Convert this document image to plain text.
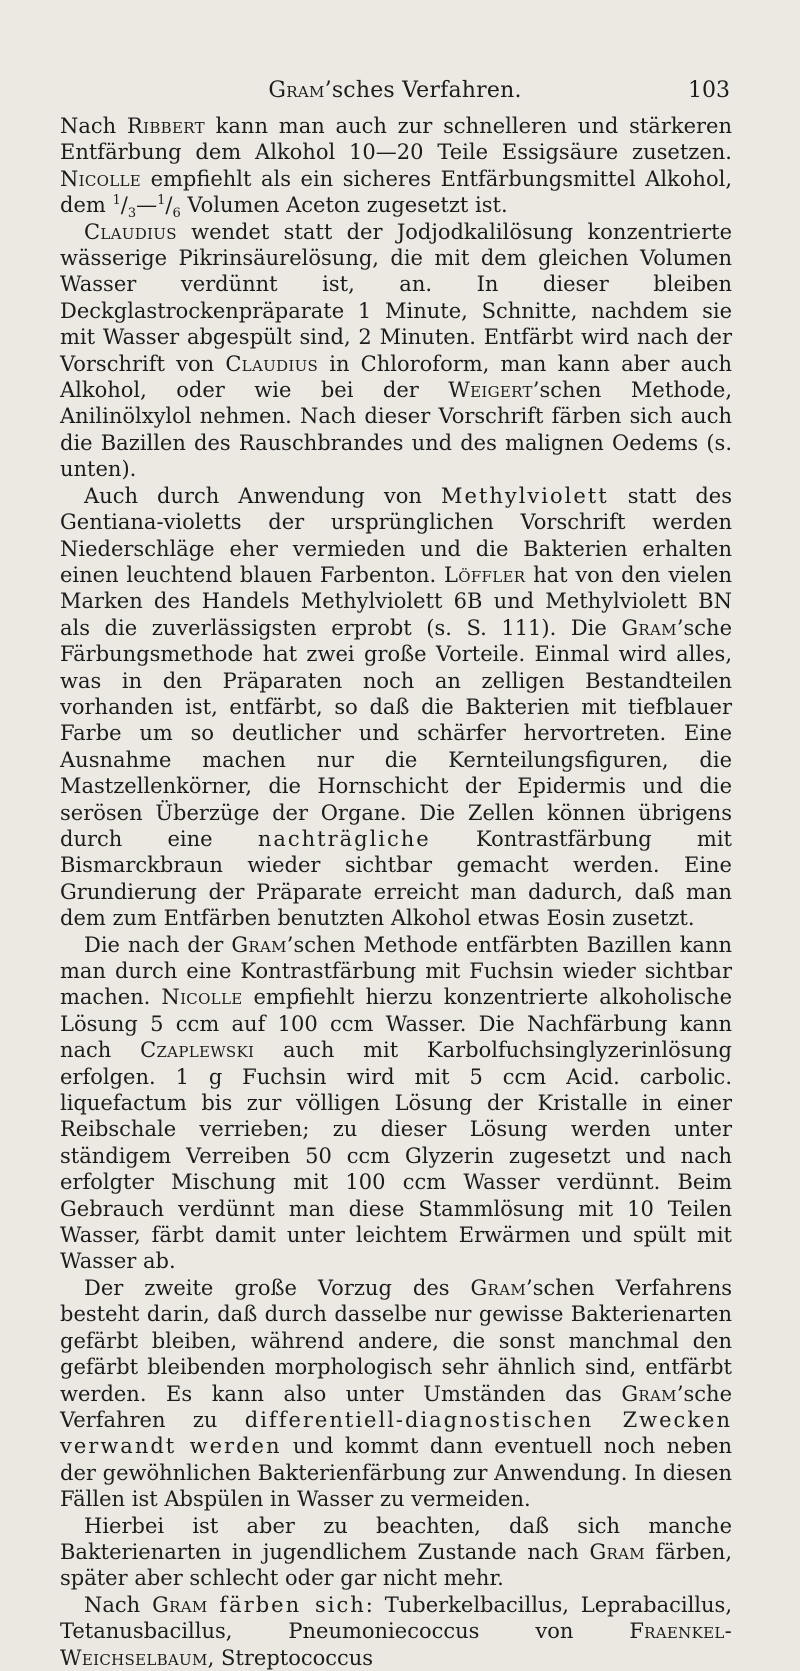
Gram’sches Verfahren.	103

Nach Ribbert kann man auch zur schnelleren und stärkeren Entfärbung dem Alkohol 10—20 Teile Essigsäure zusetzen. Nicolle empfiehlt als ein sicheres Entfärbungsmittel Alkohol, dem $^1/_3—^1/_6$ Volumen Aceton zugesetzt ist.

Claudius wendet statt der Jodjodkalilösung konzentrierte wässerige Pikrinsäurelösung, die mit dem gleichen Volumen Wasser verdünnt ist, an. In dieser bleiben Deckglastrockenpräparate 1 Minute, Schnitte, nachdem sie mit Wasser abgespült sind, 2 Minuten. Entfärbt wird nach der Vorschrift von Claudius in Chloroform, man kann aber auch Alkohol, oder wie bei der Weigert’schen Methode, Anilinölxylol nehmen. Nach dieser Vorschrift färben sich auch die Bazillen des Rauschbrandes und des malignen Oedems (s. unten).

Auch durch Anwendung von Methylviolett statt des Gentiana-violetts der ursprünglichen Vorschrift werden Niederschläge eher vermieden und die Bakterien erhalten einen leuchtend blauen Farbenton. Löffler hat von den vielen Marken des Handels Methylviolett 6B und Methylviolett BN als die zuverlässigsten erprobt (s. S. 111). Die Gram’sche Färbungsmethode hat zwei große Vorteile. Einmal wird alles, was in den Präparaten noch an zelligen Bestandteilen vorhanden ist, entfärbt, so daß die Bakterien mit tiefblauer Farbe um so deutlicher und schärfer hervortreten. Eine Ausnahme machen nur die Kernteilungsfiguren, die Mastzellenkörner, die Hornschicht der Epidermis und die serösen Überzüge der Organe. Die Zellen können übrigens durch eine nachträgliche Kontrastfärbung mit Bismarckbraun wieder sichtbar gemacht werden. Eine Grundierung der Präparate erreicht man dadurch, daß man dem zum Entfärben benutzten Alkohol etwas Eosin zusetzt.

Die nach der Gram’schen Methode entfärbten Bazillen kann man durch eine Kontrastfärbung mit Fuchsin wieder sichtbar machen. Nicolle empfiehlt hierzu konzentrierte alkoholische Lösung 5 ccm auf 100 ccm Wasser. Die Nachfärbung kann nach Czaplewski auch mit Karbolfuchsinglyzerinlösung erfolgen. 1 g Fuchsin wird mit 5 ccm Acid. carbolic. liquefactum bis zur völligen Lösung der Kristalle in einer Reibschale verrieben; zu dieser Lösung werden unter ständigem Verreiben 50 ccm Glyzerin zugesetzt und nach erfolgter Mischung mit 100 ccm Wasser verdünnt. Beim Gebrauch verdünnt man diese Stammlösung mit 10 Teilen Wasser, färbt damit unter leichtem Erwärmen und spült mit Wasser ab.

Der zweite große Vorzug des Gram’schen Verfahrens besteht darin, daß durch dasselbe nur gewisse Bakterienarten gefärbt bleiben, während andere, die sonst manchmal den gefärbt bleibenden morphologisch sehr ähnlich sind, entfärbt werden. Es kann also unter Umständen das Gram’sche Verfahren zu differentiell-diagnostischen Zwecken verwandt werden und kommt dann eventuell noch neben der gewöhnlichen Bakterienfärbung zur Anwendung. In diesen Fällen ist Abspülen in Wasser zu vermeiden.

Hierbei ist aber zu beachten, daß sich manche Bakterienarten in jugendlichem Zustande nach Gram färben, später aber schlecht oder gar nicht mehr.

Nach Gram färben sich: Tuberkelbacillus, Leprabacillus, Tetanusbacillus, Pneumoniecoccus von Fraenkel-Weichselbaum, Streptococcus
